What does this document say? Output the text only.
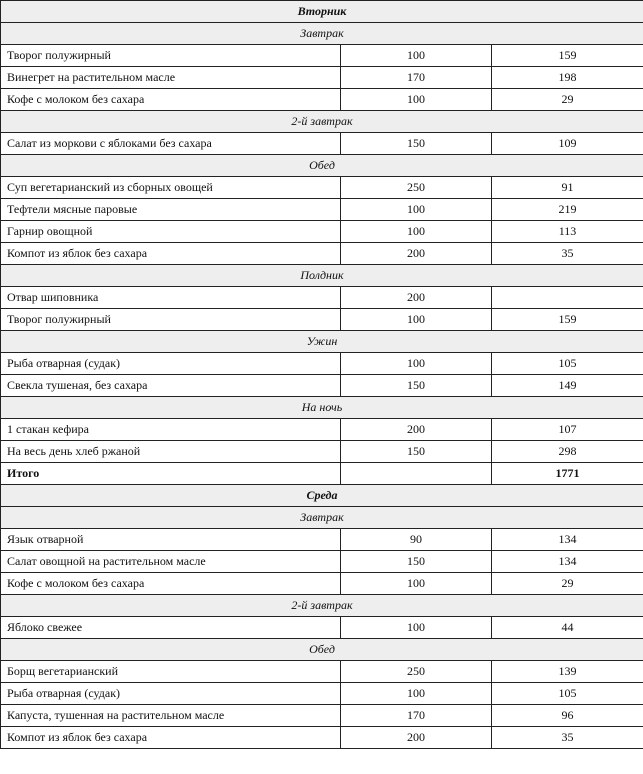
Вторник		
Завтрак		
Творог полужирный	100	159
Винегрет на растительном масле	170	198
Кофе с молоком без сахара	100	29
2-й завтрак		
Салат из моркови с яблоками без сахара	150	109
Обед		
Суп вегетарианский из сборных овощей	250	91
Тефтели мясные паровые	100	219
Гарнир овощной	100	113
Компот из яблок без сахара	200	35
Полдник		
Отвар шиповника	200	
Творог полужирный	100	159
Ужин		
Рыба отварная (судак)	100	105
Свекла тушеная, без сахара	150	149
На ночь		
1 стакан кефира	200	107
На весь день хлеб ржаной	150	298
Итого		1771
Среда		
Завтрак		
Язык отварной	90	134
Салат овощной на растительном масле	150	134
Кофе с молоком без сахара	100	29
2-й завтрак		
Яблоко свежее	100	44
Обед		
Борщ вегетарианский	250	139
Рыба отварная (судак)	100	105
Капуста, тушенная на растительном масле	170	96
Компот из яблок без сахара	200	35
